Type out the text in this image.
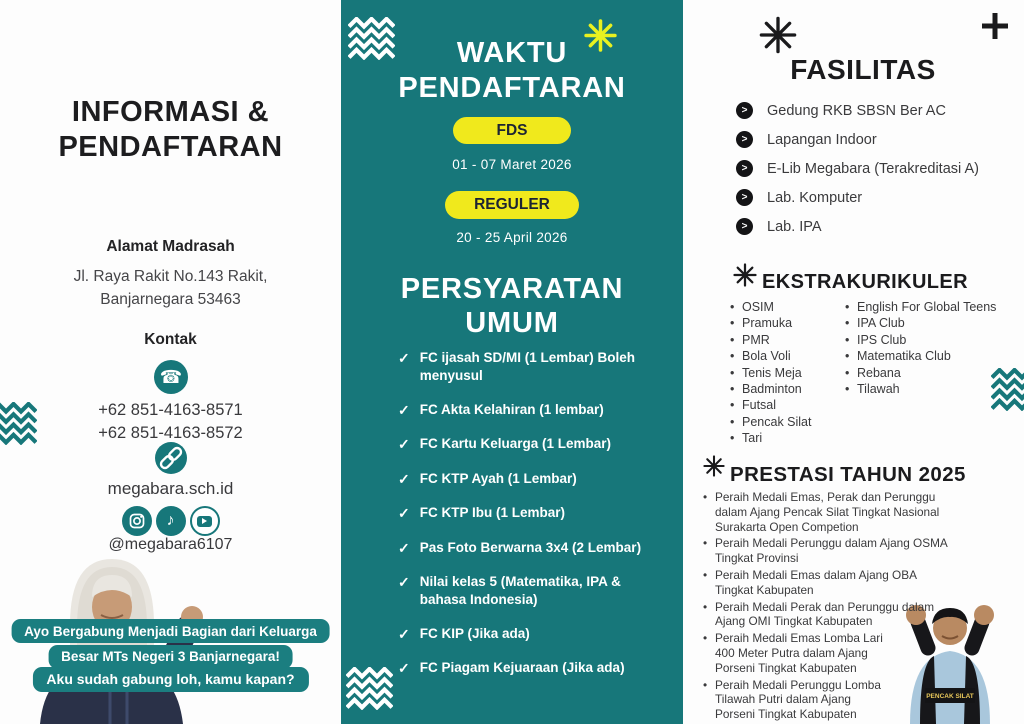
INFORMASI & PENDAFTARAN
Alamat Madrasah
Jl. Raya Rakit No.143 Rakit,
Banjarnegara 53463
Kontak
☎
+62 851-4163-8571
+62 851-4163-8572
megabara.sch.id
♪
@megabara6107
Ayo Bergabung Menjadi Bagian dari Keluarga
Besar MTs Negeri 3 Banjarnegara!
Aku sudah gabung loh, kamu kapan?
WAKTU PENDAFTARAN
FDS
01 - 07 Maret 2026
REGULER
20 - 25 April 2026
PERSYARATAN UMUM
✓ FC ijasah SD/MI (1 Lembar) Boleh menyusul
✓ FC Akta Kelahiran (1 lembar)
✓ FC Kartu Keluarga (1 Lembar)
✓ FC KTP Ayah (1 Lembar)
✓ FC KTP Ibu (1 Lembar)
✓ Pas Foto Berwarna 3x4 (2 Lembar)
✓ Nilai kelas 5 (Matematika, IPA & bahasa Indonesia)
✓ FC KIP (Jika ada)
✓ FC Piagam Kejuaraan (Jika ada)
FASILITAS
>	Gedung RKB SBSN Ber AC
>	Lapangan Indoor
>	E-Lib Megabara (Terakreditasi A)
>	Lab. Komputer
>	Lab. IPA
EKSTRAKURIKULER
• OSIM
• Pramuka
• PMR
• Bola Voli
• Tenis Meja
• Badminton
• Futsal
• Pencak Silat
• Tari
• English For Global Teens
• IPA Club
• IPS Club
• Matematika Club
• Rebana
• Tilawah
PRESTASI TAHUN 2025
• Peraih Medali Emas, Perak dan Perunggu dalam Ajang Pencak Silat Tingkat Nasional Surakarta Open Competion
• Peraih Medali Perunggu dalam Ajang OSMA Tingkat Provinsi
• Peraih Medali Emas dalam Ajang OBA Tingkat Kabupaten
• Peraih Medali Perak dan Perunggu dalam Ajang OMI Tingkat Kabupaten
• Peraih Medali Emas Lomba Lari 400 Meter Putra dalam Ajang Porseni Tingkat Kabupaten
• Peraih Medali Perunggu Lomba Tilawah Putri dalam Ajang Porseni Tingkat Kabupaten
PENCAK SILAT
